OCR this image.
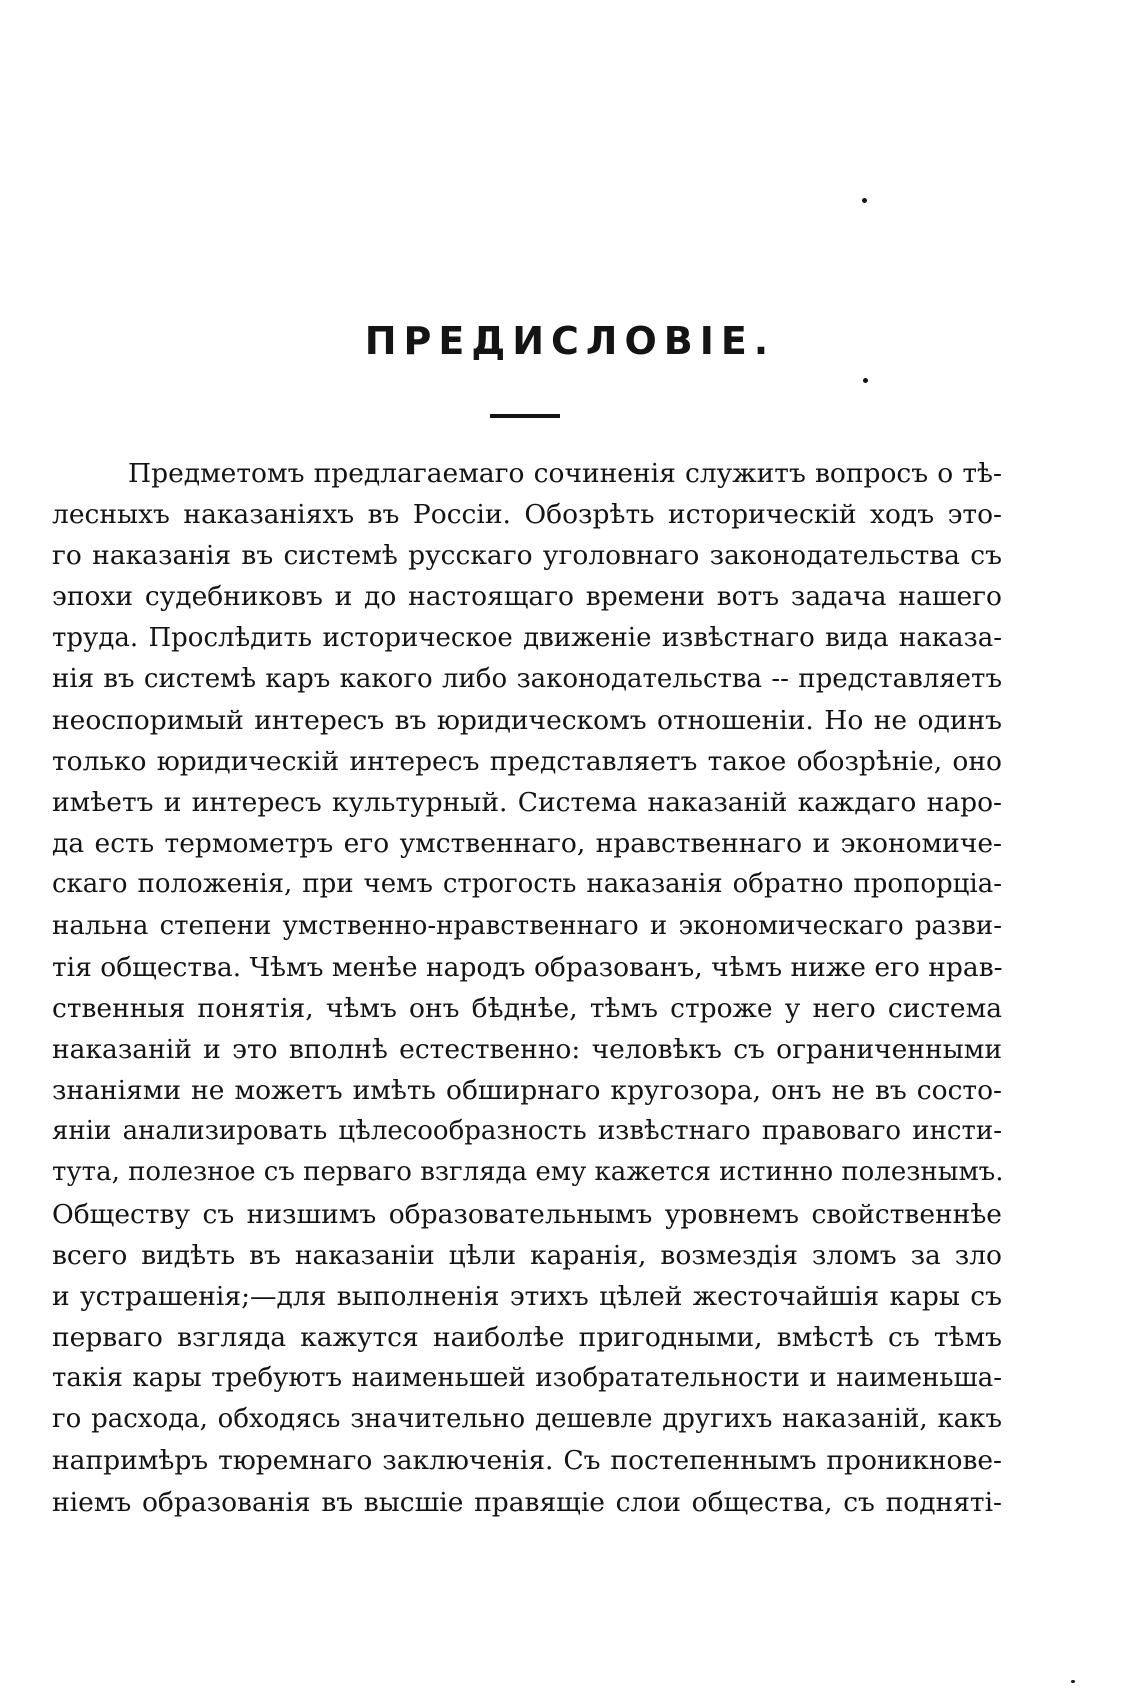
ПРЕДИСЛОВIЕ.
Предметомъ предлагаемаго сочиненія служитъ вопросъ о тѣ-
лесныхъ наказаніяхъ въ Россіи. Обозрѣть историческій ходъ это-
го наказанія въ системѣ русскаго уголовнаго законодательства съ
эпохи судебниковъ и до настоящаго времени вотъ задача нашего
труда. Прослѣдить историческое движеніе извѣстнаго вида наказа-
нія въ системѣ каръ какого либо законодательства -- представляетъ
неоспоримый интересъ въ юридическомъ отношеніи. Но не одинъ
только юридическій интересъ представляетъ такое обозрѣніе, оно
имѣетъ и интересъ культурный. Система наказаній каждаго наро-
да есть термометръ его умственнаго, нравственнаго и экономиче-
скаго положенія, при чемъ строгость наказанія обратно пропорціа-
нальна степени умственно-нравственнаго и экономическаго разви-
тія общества. Чѣмъ менѣе народъ образованъ, чѣмъ ниже его нрав-
ственныя понятія, чѣмъ онъ бѣднѣе, тѣмъ строже у него система
наказаній и это вполнѣ естественно: человѣкъ съ ограниченными
знаніями не можетъ имѣть обширнаго кругозора, онъ не въ состо-
яніи анализировать цѣлесообразность извѣстнаго правоваго инсти-
тута, полезное съ перваго взгляда ему кажется истинно полезнымъ.
Обществу съ низшимъ образовательнымъ уровнемъ свойственнѣе
всего видѣть въ наказаніи цѣли каранія, возмездія зломъ за зло
и устрашенія;—для выполненія этихъ цѣлей жесточайшія кары съ
перваго взгляда кажутся наиболѣе пригодными, вмѣстѣ съ тѣмъ
такія кары требуютъ наименьшей изобратательности и наименьша-
го расхода, обходясь значительно дешевле другихъ наказаній, какъ
напримѣръ тюремнаго заключенія. Съ постепеннымъ проникнове-
ніемъ образованія въ высшіе правящіе слои общества, съ подняті-
